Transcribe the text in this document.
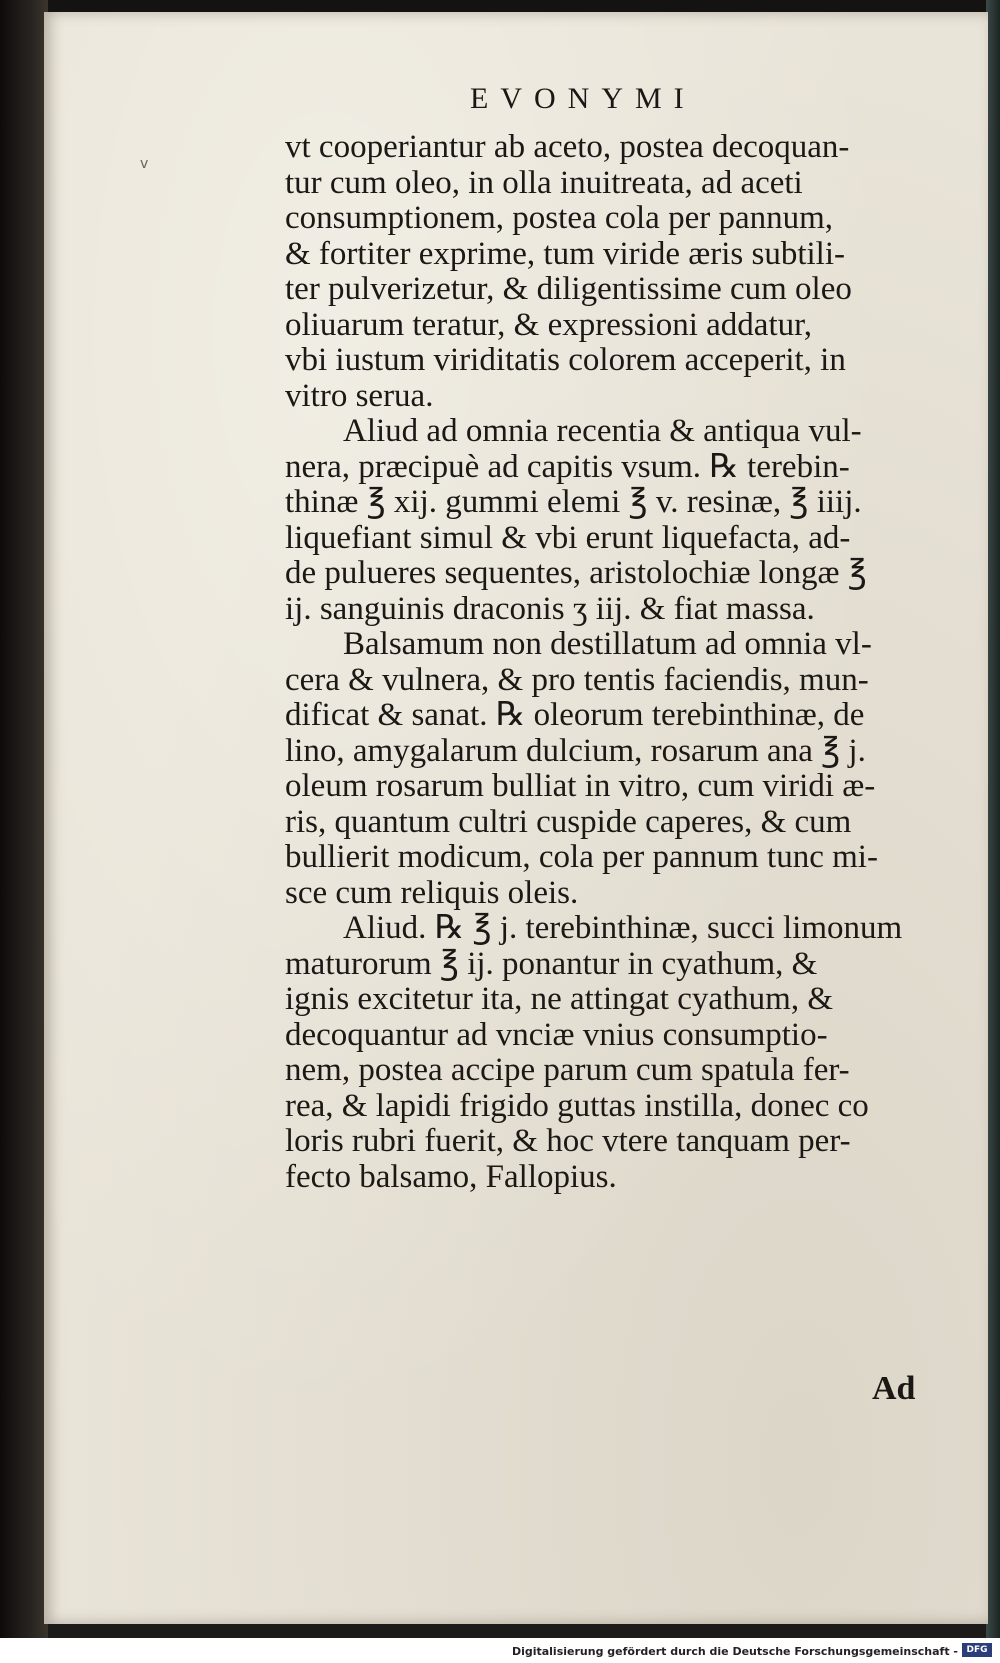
EVONYMI
v	vt cooperiantur ab aceto, postea decoquan-
tur cum oleo, in olla inuitreata, ad aceti
consumptionem, postea cola per pannum,
& fortiter exprime, tum viride æris subtili-
ter pulverizetur, & diligentissime cum oleo
oliuarum teratur, & expressioni addatur,
vbi iustum viriditatis colorem acceperit, in
vitro serua.
Aliud ad omnia recentia & antiqua vul-
nera, præcipuè ad capitis vsum. ℞ terebin-
thinæ ℥ xij. gummi elemi ℥ v. resinæ, ℥ iiij.
liquefiant simul & vbi erunt liquefacta, ad-
de pulueres sequentes, aristolochiæ longæ ℥
ij. sanguinis draconis ʒ iij. & fiat massa.
Balsamum non destillatum ad omnia vl-
cera & vulnera, & pro tentis faciendis, mun-
dificat & sanat. ℞ oleorum terebinthinæ, de
lino, amygalarum dulcium, rosarum ana ℥ j.
oleum rosarum bulliat in vitro, cum viridi æ-
ris, quantum cultri cuspide caperes, & cum
bullierit modicum, cola per pannum tunc mi-
sce cum reliquis oleis.
Aliud. ℞ ℥ j. terebinthinæ, succi limonum
maturorum ℥ ij. ponantur in cyathum, &
ignis excitetur ita, ne attingat cyathum, &
decoquantur ad vnciæ vnius consumptio-
nem, postea accipe parum cum spatula fer-
rea, & lapidi frigido guttas instilla, donec co
loris rubri fuerit, & hoc vtere tanquam per-
fecto balsamo, Fallopius.
Ad
Digitalisierung gefördert durch die Deutsche Forschungsgemeinschaft - DFG
